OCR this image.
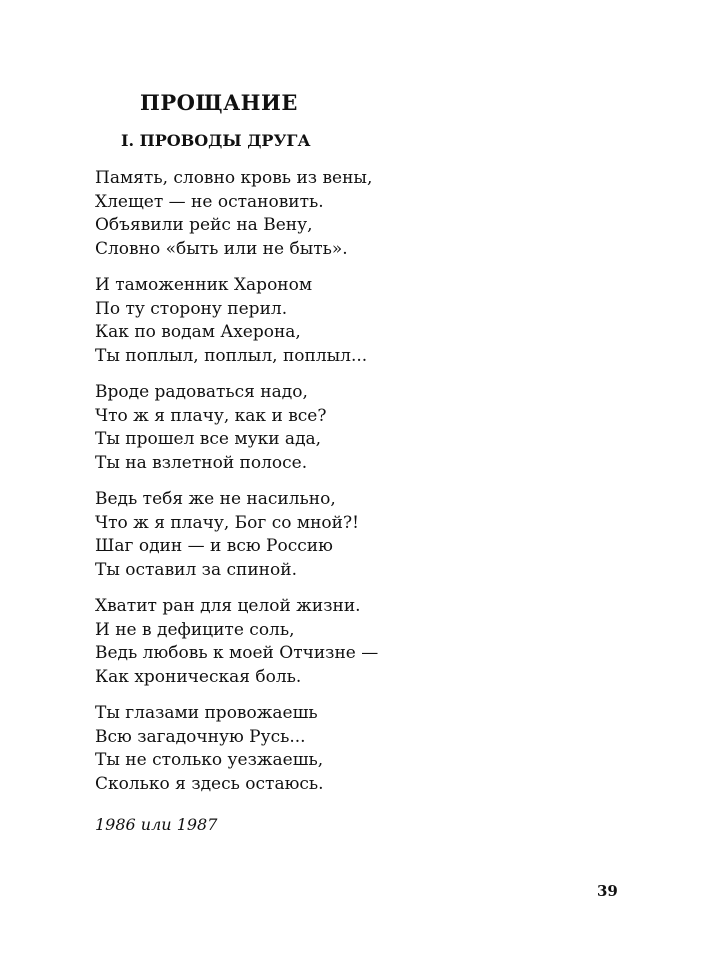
ПРОЩАНИЕ
I. ПРОВОДЫ ДРУГА
Память, словно кровь из вены,
Хлещет — не остановить.
Объявили рейс на Вену,
Словно «быть или не быть».
И таможенник Хароном
По ту сторону перил.
Как по водам Ахерона,
Ты поплыл, поплыл, поплыл...
Вроде радоваться надо,
Что ж я плачу, как и все?
Ты прошел все муки ада,
Ты на взлетной полосе.
Ведь тебя же не насильно,
Что ж я плачу, Бог со мной?!
Шаг один — и всю Россию
Ты оставил за спиной.
Хватит ран для целой жизни.
И не в дефиците соль,
Ведь любовь к моей Отчизне —
Как хроническая боль.
Ты глазами провожаешь
Всю загадочную Русь...
Ты не столько уезжаешь,
Сколько я здесь остаюсь.
1986 или 1987
39
